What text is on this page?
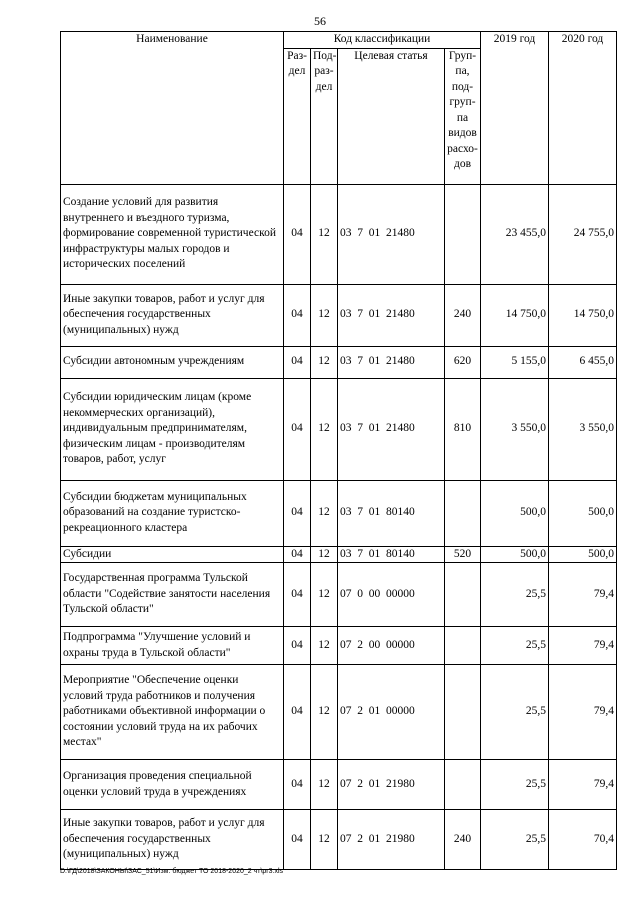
56
Наименование	Код классификации				2019 год	2020 год
	Раз- дел	Под- раз- дел	Целевая статья	Груп- па, под- груп- па видов расхо- дов		
Создание условий для развития внутреннего и въездного туризма, формирование современной туристической инфраструктуры малых городов и исторических поселений	04	12	03  7  01  21480		23 455,0	24 755,0
Иные закупки товаров, работ и услуг для обеспечения государственных (муниципальных) нужд	04	12	03  7  01  21480	240	14 750,0	14 750,0
Субсидии автономным учреждениям	04	12	03  7  01  21480	620	5 155,0	6 455,0
Субсидии юридическим лицам (кроме некоммерческих организаций), индивидуальным предпринимателям, физическим лицам - производителям товаров, работ, услуг	04	12	03  7  01  21480	810	3 550,0	3 550,0
Субсидии бюджетам муниципальных образований на создание туристско-рекреационного кластера	04	12	03  7  01  80140		500,0	500,0
Субсидии	04	12	03  7  01  80140	520	500,0	500,0
Государственная программа Тульской области "Содействие занятости населения Тульской области"	04	12	07  0  00  00000		25,5	79,4
Подпрограмма "Улучшение условий и охраны труда в Тульской области"	04	12	07  2  00  00000		25,5	79,4
Мероприятие "Обеспечение оценки условий труда работников и получения работниками объективной информации о состоянии условий труда на их рабочих местах"	04	12	07  2  01  00000		25,5	79,4
Организация проведения специальной оценки условий труда в учреждениях	04	12	07  2  01  21980		25,5	79,4
Иные закупки товаров, работ и услуг для обеспечения государственных (муниципальных) нужд	04	12	07  2  01  21980	240	25,5	70,4
D:\ГД\2018\ЗАКОНЫ\ЗАС_51\Изм. бюджет ТО 2018-2020_2 чт\pr3.xls
